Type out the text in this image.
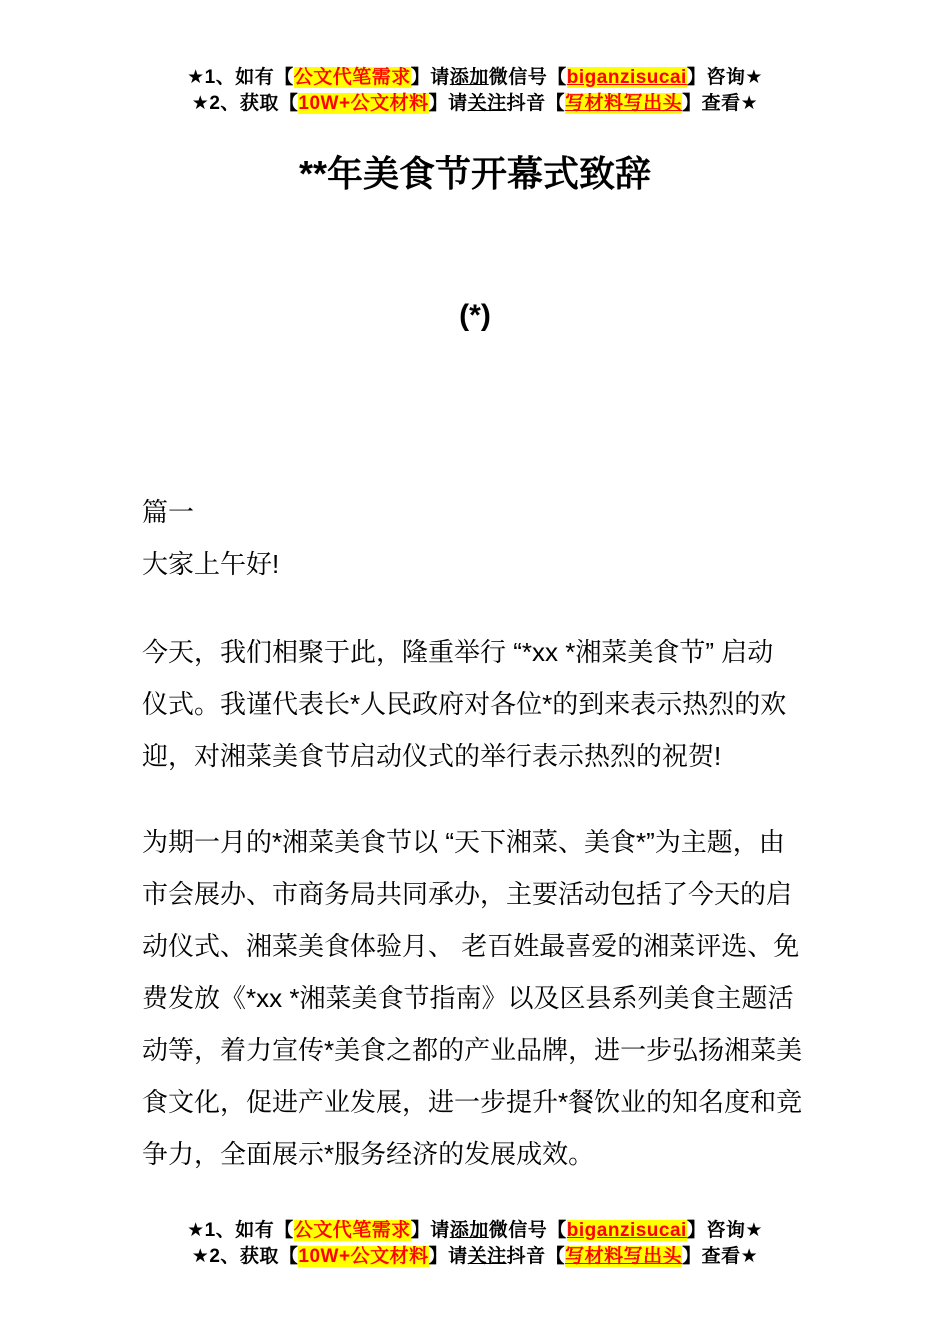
★1、如有【公文代笔需求】请添加微信号【biganzisucai】咨询★
★2、获取【10W+公文材料】请关注抖音【写材料写出头】查看★
**年美食节开幕式致辞
(*)
篇一
大家上午好!
今天，我们相聚于此，隆重举行 “*xx *湘菜美食节” 启动
仪式。我谨代表长*人民政府对各位*的到来表示热烈的欢
迎，对湘菜美食节启动仪式的举行表示热烈的祝贺!
为期一月的*湘菜美食节以 “天下湘菜、美食*”为主题，由
市会展办、市商务局共同承办，主要活动包括了今天的启
动仪式、湘菜美食体验月、 老百姓最喜爱的湘菜评选、免
费发放《*xx *湘菜美食节指南》以及区县系列美食主题活
动等，着力宣传*美食之都的产业品牌，进一步弘扬湘菜美
食文化，促进产业发展，进一步提升*餐饮业的知名度和竞
争力，全面展示*服务经济的发展成效。
★1、如有【公文代笔需求】请添加微信号【biganzisucai】咨询★
★2、获取【10W+公文材料】请关注抖音【写材料写出头】查看★
